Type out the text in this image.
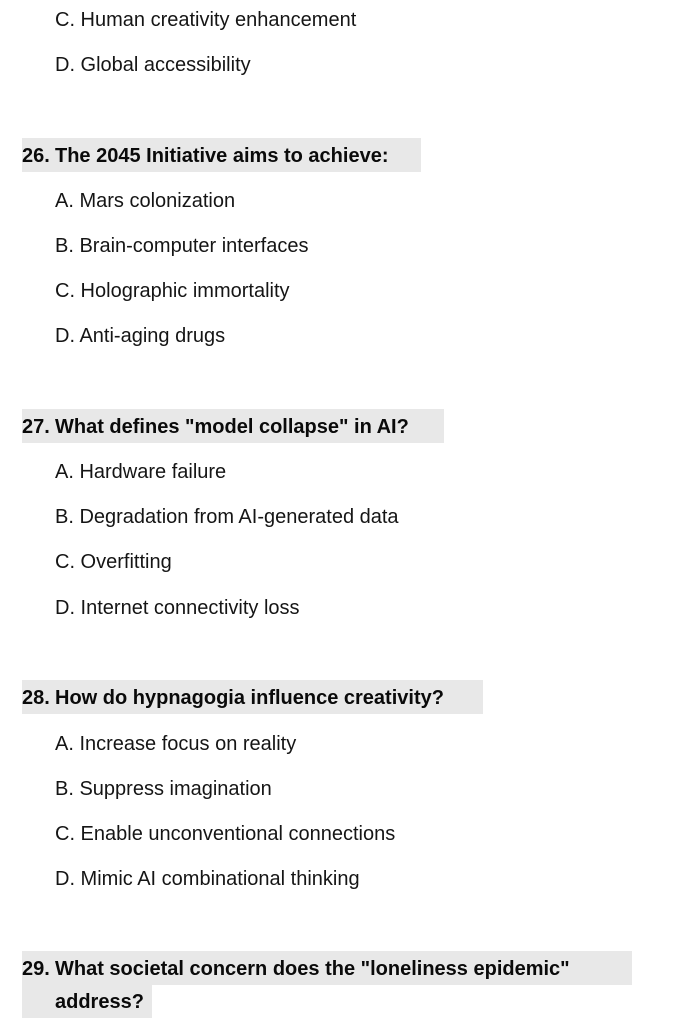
C. Human creativity enhancement
D. Global accessibility
26. The 2045 Initiative aims to achieve:
A. Mars colonization
B. Brain-computer interfaces
C. Holographic immortality
D. Anti-aging drugs
27. What defines "model collapse" in AI?
A. Hardware failure
B. Degradation from AI-generated data
C. Overfitting
D. Internet connectivity loss
28. How do hypnagogia influence creativity?
A. Increase focus on reality
B. Suppress imagination
C. Enable unconventional connections
D. Mimic AI combinational thinking
29. What societal concern does the "loneliness epidemic"
address?
